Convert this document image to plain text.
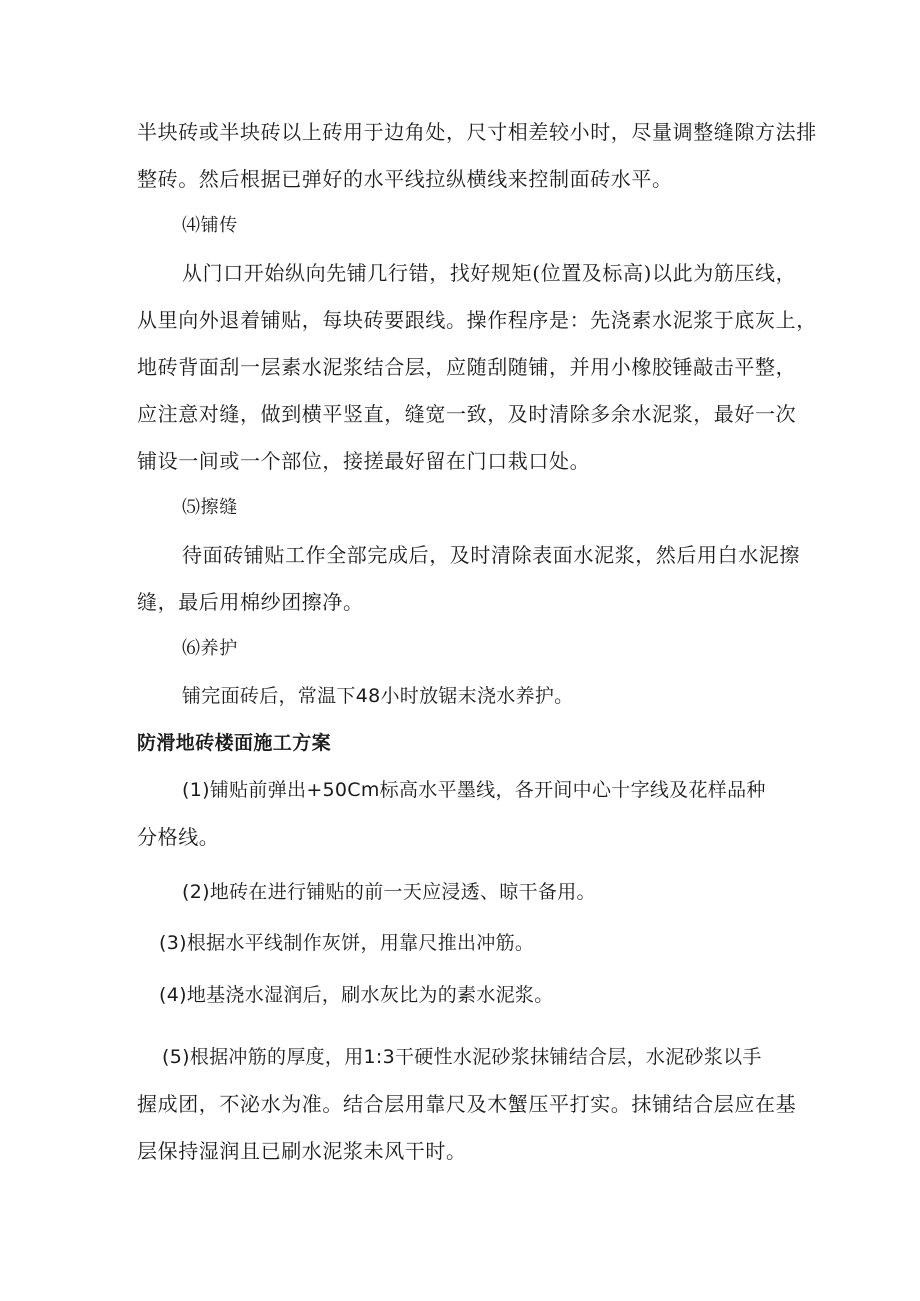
半块砖或半块砖以上砖用于边角处，尺寸相差较小时，尽量调整缝隙方法排
整砖。然后根据已弹好的水平线拉纵横线来控制面砖水平。
⑷铺传
从门口开始纵向先铺几行错，找好规矩(位置及标高)以此为筋压线，
从里向外退着铺贴，每块砖要跟线。操作程序是：先浇素水泥浆于底灰上，
地砖背面刮一层素水泥浆结合层，应随刮随铺，并用小橡胶锤敲击平整，
应注意对缝，做到横平竖直，缝宽一致，及时清除多余水泥浆，最好一次
铺设一间或一个部位，接搓最好留在门口栽口处。
⑸擦缝
待面砖铺贴工作全部完成后，及时清除表面水泥浆，然后用白水泥擦
缝，最后用棉纱团擦净。
⑹养护
铺完面砖后，常温下48小时放锯末浇水养护。
防滑地砖楼面施工方案
(1)铺贴前弹出+50Cm标高水平墨线，各开间中心十字线及花样品种
分格线。
(2)地砖在进行铺贴的前一天应浸透、晾干备用。
(3)根据水平线制作灰饼，用靠尺推出冲筋。
(4)地基浇水湿润后，刷水灰比为的素水泥浆。
(5)根据冲筋的厚度，用1:3干硬性水泥砂浆抹铺结合层，水泥砂浆以手
握成团，不泌水为准。结合层用靠尺及木蟹压平打实。抹铺结合层应在基
层保持湿润且已刷水泥浆未风干时。
